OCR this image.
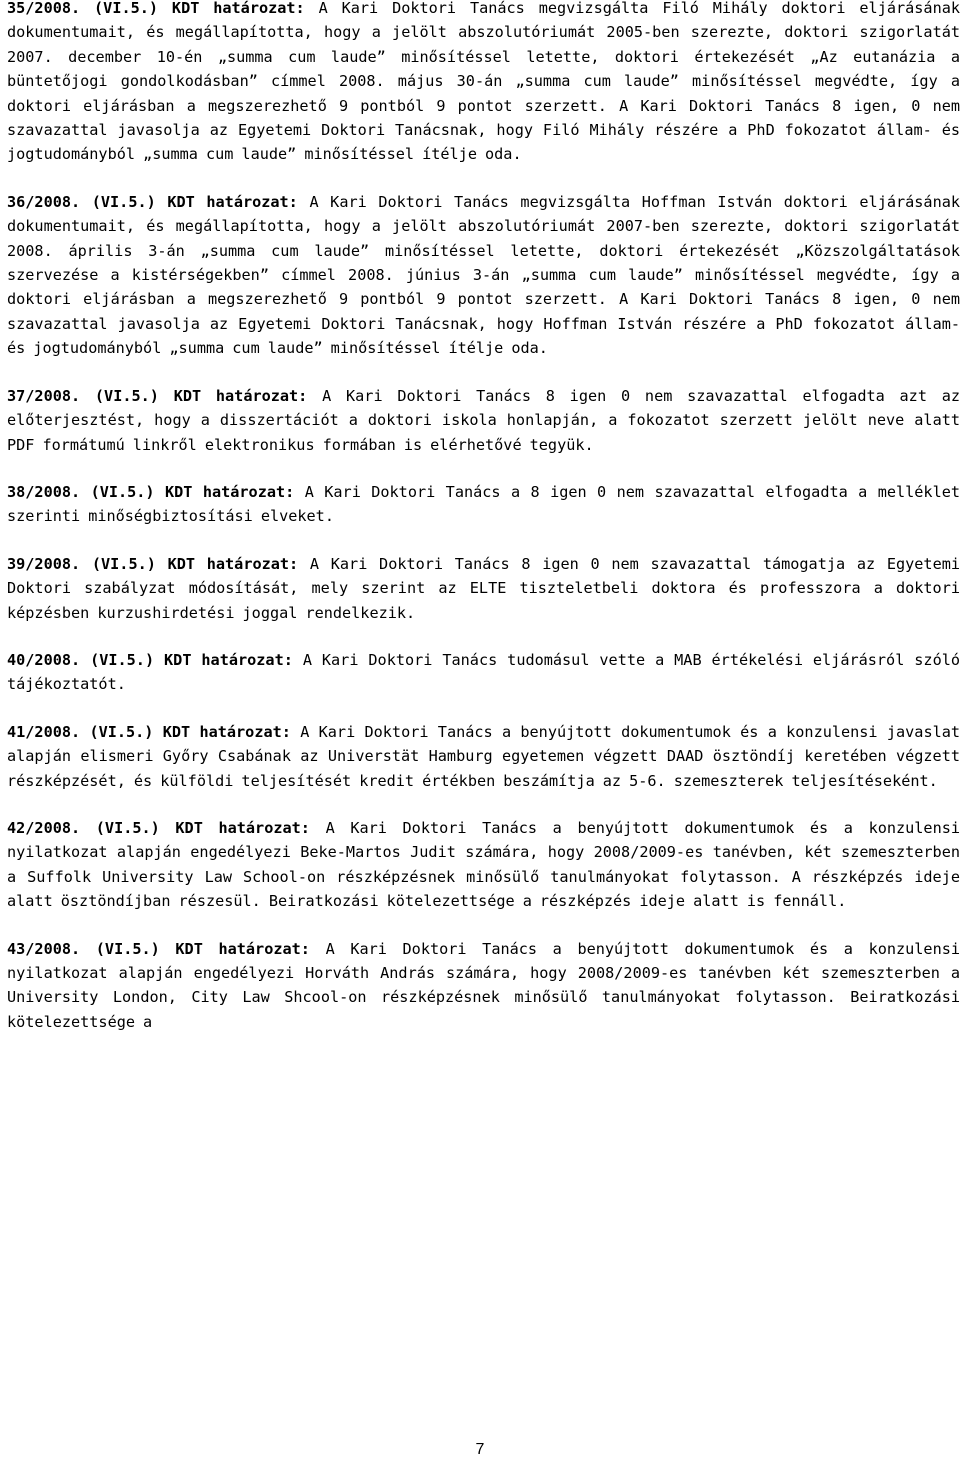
35/2008. (VI.5.) KDT határozat: A Kari Doktori Tanács megvizsgálta Filó Mihály doktori eljárásának dokumentumait, és megállapította, hogy a jelölt abszolutóriumát 2005-ben szerezte, doktori szigorlatát 2007. december 10-én „summa cum laude” minősítéssel letette, doktori értekezését „Az eutanázia a büntetőjogi gondolkodásban” címmel 2008. május 30-án „summa cum laude” minősítéssel megvédte, így a doktori eljárásban a megszerezhető 9 pontból 9 pontot szerzett. A Kari Doktori Tanács 8 igen, 0 nem szavazattal javasolja az Egyetemi Doktori Tanácsnak, hogy Filó Mihály részére a PhD fokozatot állam- és jogtudományból „summa cum laude” minősítéssel ítélje oda.

36/2008. (VI.5.) KDT határozat: A Kari Doktori Tanács megvizsgálta Hoffman István doktori eljárásának dokumentumait, és megállapította, hogy a jelölt abszolutóriumát 2007-ben szerezte, doktori szigorlatát 2008. április 3-án „summa cum laude” minősítéssel letette, doktori értekezését „Közszolgáltatások szervezése a kistérségekben” címmel 2008. június 3-án „summa cum laude” minősítéssel megvédte, így a doktori eljárásban a megszerezhető 9 pontból 9 pontot szerzett. A Kari Doktori Tanács 8 igen, 0 nem szavazattal javasolja az Egyetemi Doktori Tanácsnak, hogy Hoffman István részére a PhD fokozatot állam- és jogtudományból „summa cum laude” minősítéssel ítélje oda.

37/2008. (VI.5.) KDT határozat: A Kari Doktori Tanács 8 igen 0 nem szavazattal elfogadta azt az előterjesztést, hogy a disszertációt a doktori iskola honlapján, a fokozatot szerzett jelölt neve alatt PDF formátumú linkről elektronikus formában is elérhetővé tegyük.

38/2008. (VI.5.) KDT határozat: A Kari Doktori Tanács a 8 igen 0 nem szavazattal elfogadta a melléklet szerinti minőségbiztosítási elveket.

39/2008. (VI.5.) KDT határozat: A Kari Doktori Tanács 8 igen 0 nem szavazattal támogatja az Egyetemi Doktori szabályzat módosítását, mely szerint az ELTE tiszteletbeli doktora és professzora a doktori képzésben kurzushirdetési joggal rendelkezik.

40/2008. (VI.5.) KDT határozat: A Kari Doktori Tanács tudomásul vette a MAB értékelési eljárásról szóló tájékoztatót.

41/2008. (VI.5.) KDT határozat: A Kari Doktori Tanács a benyújtott dokumentumok és a konzulensi javaslat alapján elismeri Győry Csabának az Universtät Hamburg egyetemen végzett DAAD ösztöndíj keretében végzett részképzését, és külföldi teljesítését kredit értékben beszámítja az 5-6. szemeszterek teljesítéseként.

42/2008. (VI.5.) KDT határozat: A Kari Doktori Tanács a benyújtott dokumentumok és a konzulensi nyilatkozat alapján engedélyezi Beke-Martos Judit számára, hogy 2008/2009-es tanévben, két szemeszterben a Suffolk University Law School-on részképzésnek minősülő tanulmányokat folytasson. A részképzés ideje alatt ösztöndíjban részesül. Beiratkozási kötelezettsége a részképzés ideje alatt is fennáll.

43/2008. (VI.5.) KDT határozat: A Kari Doktori Tanács a benyújtott dokumentumok és a konzulensi nyilatkozat alapján engedélyezi Horváth András számára, hogy 2008/2009-es tanévben két szemeszterben a University London, City Law Shcool-on részképzésnek minősülő tanulmányokat folytasson. Beiratkozási kötelezettsége a

7
